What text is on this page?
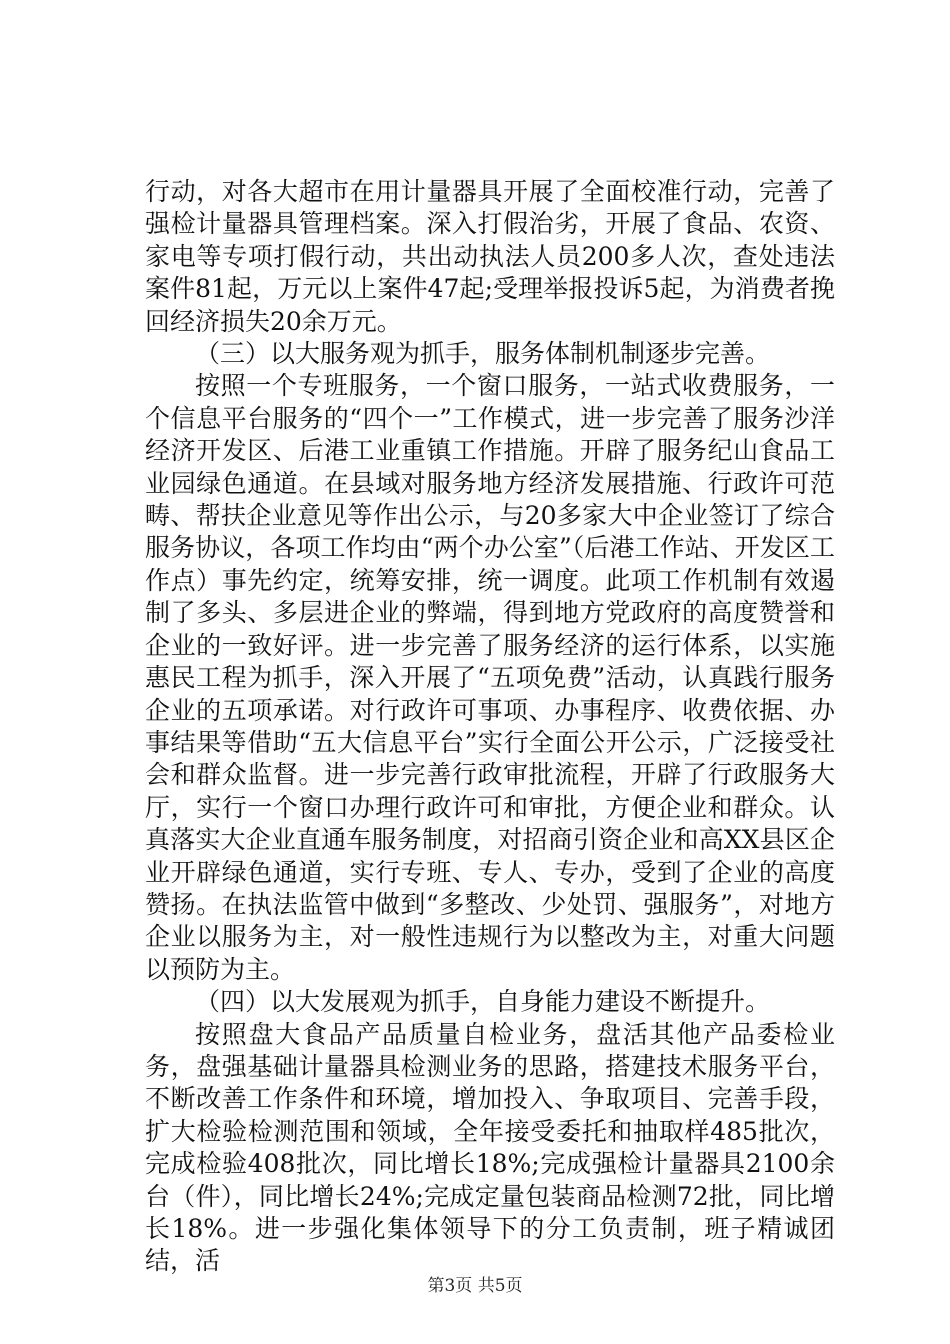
行动，对各大超市在用计量器具开展了全面校准行动，完善了强检计量器具管理档案。深入打假治劣，开展了食品、农资、家电等专项打假行动，共出动执法人员200多人次，查处违法案件81起，万元以上案件47起;受理举报投诉5起，为消费者挽回经济损失20余万元。

（三）以大服务观为抓手，服务体制机制逐步完善。

按照一个专班服务，一个窗口服务，一站式收费服务，一个信息平台服务的“四个一”工作模式，进一步完善了服务沙洋经济开发区、后港工业重镇工作措施。开辟了服务纪山食品工业园绿色通道。在县域对服务地方经济发展措施、行政许可范畴、帮扶企业意见等作出公示，与20多家大中企业签订了综合服务协议，各项工作均由“两个办公室”（后港工作站、开发区工作点）事先约定，统筹安排，统一调度。此项工作机制有效遏制了多头、多层进企业的弊端，得到地方党政府的高度赞誉和企业的一致好评。进一步完善了服务经济的运行体系，以实施惠民工程为抓手，深入开展了“五项免费”活动，认真践行服务企业的五项承诺。对行政许可事项、办事程序、收费依据、办事结果等借助“五大信息平台”实行全面公开公示，广泛接受社会和群众监督。进一步完善行政审批流程，开辟了行政服务大厅，实行一个窗口办理行政许可和审批，方便企业和群众。认真落实大企业直通车服务制度，对招商引资企业和高XX县区企业开辟绿色通道，实行专班、专人、专办，受到了企业的高度赞扬。在执法监管中做到“多整改、少处罚、强服务”，对地方企业以服务为主，对一般性违规行为以整改为主，对重大问题以预防为主。

（四）以大发展观为抓手，自身能力建设不断提升。

按照盘大食品产品质量自检业务，盘活其他产品委检业务，盘强基础计量器具检测业务的思路，搭建技术服务平台，不断改善工作条件和环境，增加投入、争取项目、完善手段，扩大检验检测范围和领域，全年接受委托和抽取样485批次，完成检验408批次，同比增长18%;完成强检计量器具2100余台（件），同比增长24%;完成定量包装商品检测72批，同比增长18%。进一步强化集体领导下的分工负责制，班子精诚团结，活

第3页 共5页
